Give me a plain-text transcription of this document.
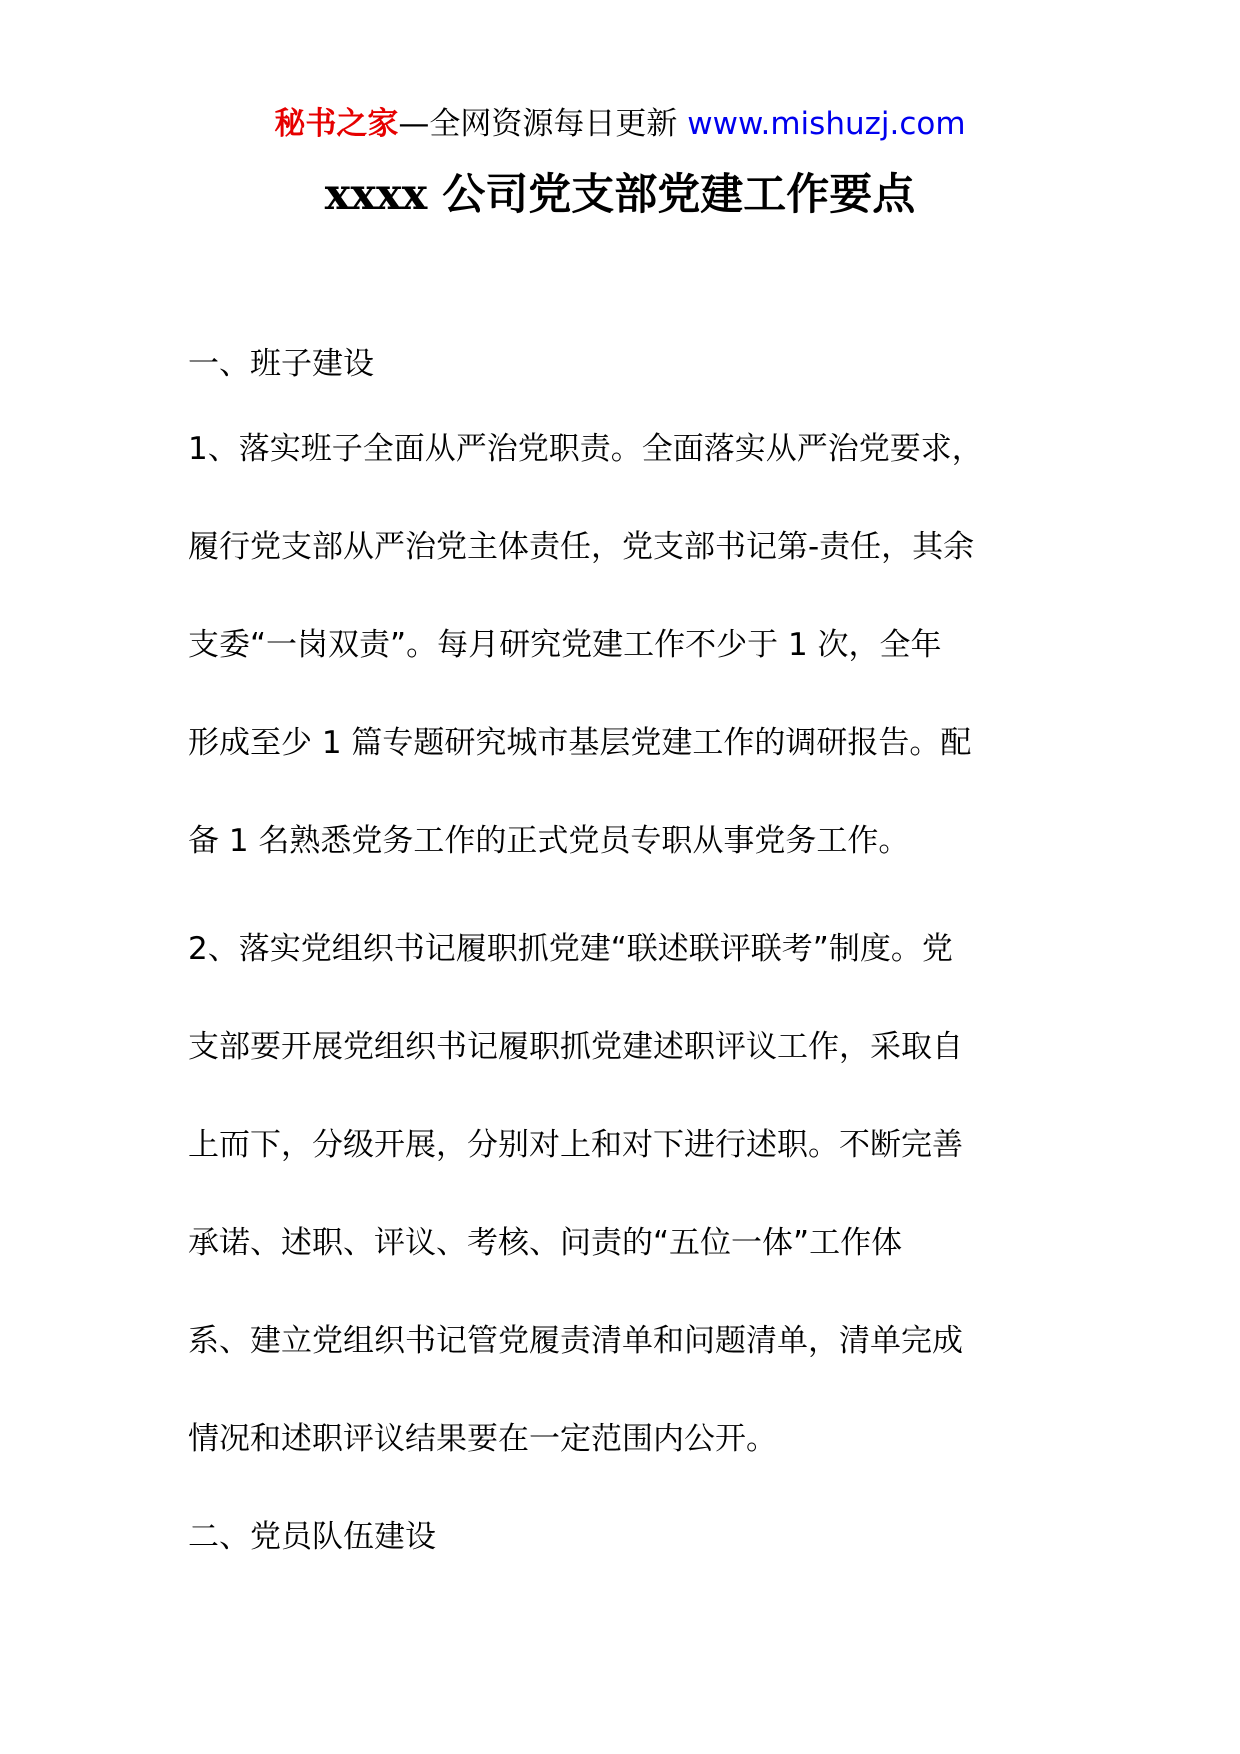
秘书之家—全网资源每日更新 www.mishuzj.com
xxxx 公司党支部党建工作要点
一、班子建设
1、落实班子全面从严治党职责。全面落实从严治党要求，
履行党支部从严治党主体责任，党支部书记第-责任，其余
支委“一岗双责”。每月研究党建工作不少于 1 次，全年
形成至少 1 篇专题研究城市基层党建工作的调研报告。配
备 1 名熟悉党务工作的正式党员专职从事党务工作。
2、落实党组织书记履职抓党建“联述联评联考”制度。党
支部要开展党组织书记履职抓党建述职评议工作，采取自
上而下，分级开展，分别对上和对下进行述职。不断完善
承诺、述职、评议、考核、问责的“五位一体”工作体
系、建立党组织书记管党履责清单和问题清单，清单完成
情况和述职评议结果要在一定范围内公开。
二、党员队伍建设
